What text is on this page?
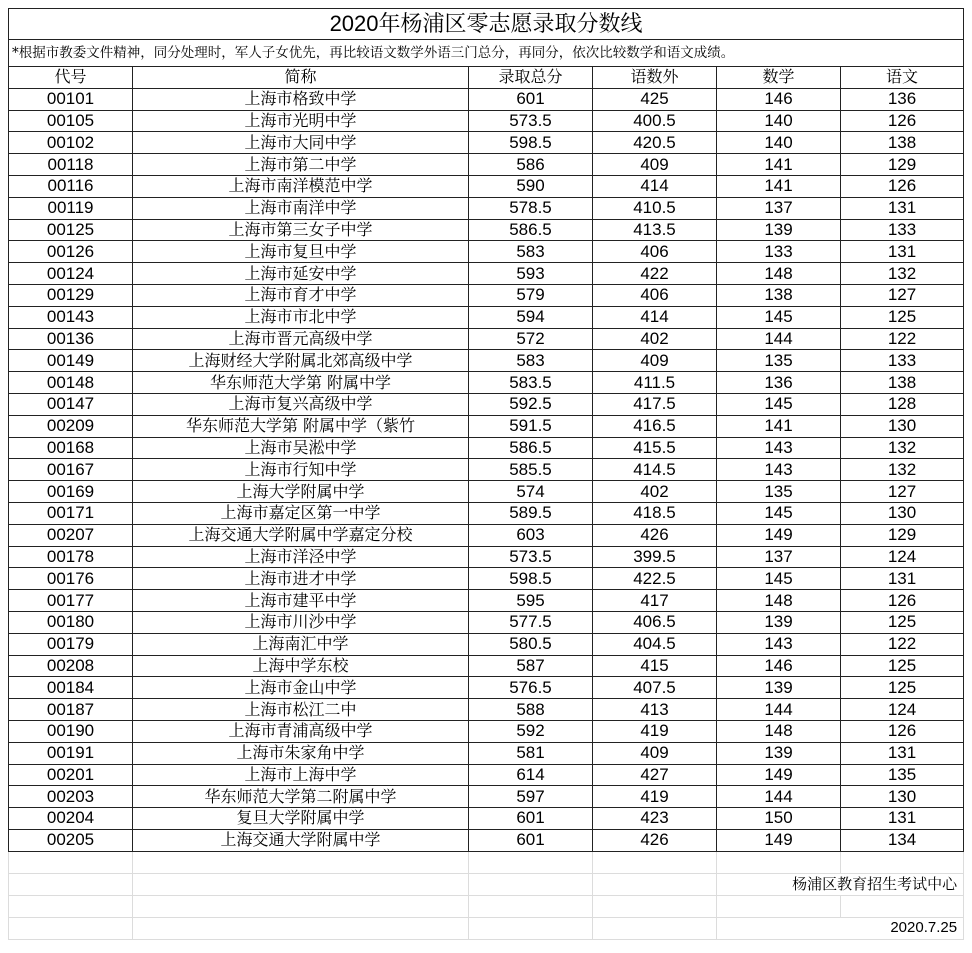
2020年杨浦区零志愿录取分数线					
*根据市教委文件精神，同分处理时，军人子女优先，再比较语文数学外语三门总分，再同分，依次比较数学和语文成绩。					
代号	简称	录取总分	语数外	数学	语文
00101	上海市格致中学	601	425	146	136
00105	上海市光明中学	573.5	400.5	140	126
00102	上海市大同中学	598.5	420.5	140	138
00118	上海市第二中学	586	409	141	129
00116	上海市南洋模范中学	590	414	141	126
00119	上海市南洋中学	578.5	410.5	137	131
00125	上海市第三女子中学	586.5	413.5	139	133
00126	上海市复旦中学	583	406	133	131
00124	上海市延安中学	593	422	148	132
00129	上海市育才中学	579	406	138	127
00143	上海市市北中学	594	414	145	125
00136	上海市晋元高级中学	572	402	144	122
00149	上海财经大学附属北郊高级中学	583	409	135	133
00148	华东师范大学第 附属中学	583.5	411.5	136	138
00147	上海市复兴高级中学	592.5	417.5	145	128
00209	华东师范大学第 附属中学（紫竹	591.5	416.5	141	130
00168	上海市吴淞中学	586.5	415.5	143	132
00167	上海市行知中学	585.5	414.5	143	132
00169	上海大学附属中学	574	402	135	127
00171	上海市嘉定区第一中学	589.5	418.5	145	130
00207	上海交通大学附属中学嘉定分校	603	426	149	129
00178	上海市洋泾中学	573.5	399.5	137	124
00176	上海市进才中学	598.5	422.5	145	131
00177	上海市建平中学	595	417	148	126
00180	上海市川沙中学	577.5	406.5	139	125
00179	上海南汇中学	580.5	404.5	143	122
00208	上海中学东校	587	415	146	125
00184	上海市金山中学	576.5	407.5	139	125
00187	上海市松江二中	588	413	144	124
00190	上海市青浦高级中学	592	419	148	126
00191	上海市朱家角中学	581	409	139	131
00201	上海市上海中学	614	427	149	135
00203	华东师范大学第二附属中学	597	419	144	130
00204	复旦大学附属中学	601	423	150	131
00205	上海交通大学附属中学	601	426	149	134

				杨浦区教育招生考试中心	

				2020.7.25	
